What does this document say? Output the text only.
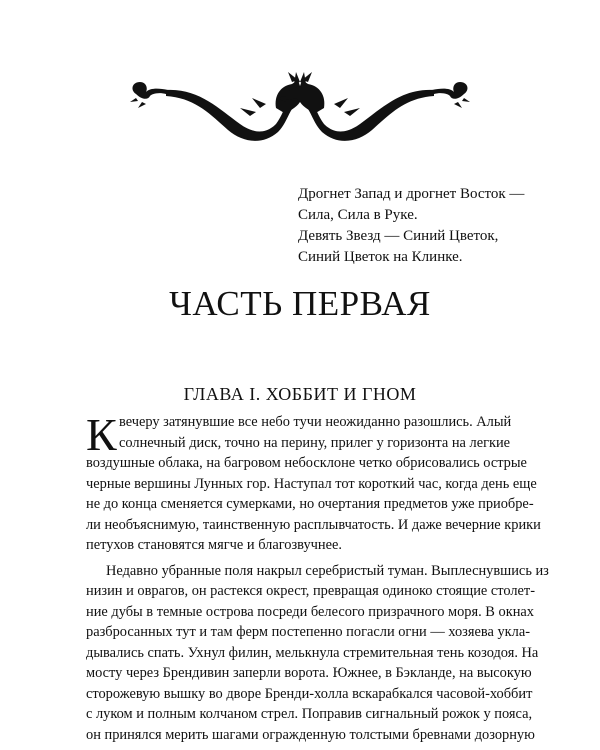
Дрогнет Запад и дрогнет Восток —
Сила, Сила в Руке.
Девять Звезд — Синий Цветок,
Синий Цветок на Клинке.
ЧАСТЬ ПЕРВАЯ
ГЛАВА I. ХОББИТ И ГНОМ
К вечеру затянувшие все небо тучи неожиданно разошлись. Алый
солнечный диск, точно на перину, прилег у горизонта на легкие
воздушные облака, на багровом небосклоне четко обрисовались острые
черные вершины Лунных гор. Наступал тот короткий час, когда день еще
не до конца сменяется сумерками, но очертания предметов уже приобре-
ли необъяснимую, таинственную расплывчатость. И даже вечерние крики
петухов становятся мягче и благозвучнее.
Недавно убранные поля накрыл серебристый туман. Выплеснувшись из
низин и оврагов, он растекся окрест, превращая одиноко стоящие столет-
ние дубы в темные острова посреди белесого призрачного моря. В окнах
разбросанных тут и там ферм постепенно погасли огни — хозяева укла-
дывались спать. Ухнул филин, мелькнула стремительная тень козодоя. На
мосту через Брендивин заперли ворота. Южнее, в Бэкланде, на высокую
сторожевую вышку во дворе Бренди-холла вскарабкался часовой-хоббит
с луком и полным колчаном стрел. Поправив сигнальный рожок у пояса,
он принялся мерить шагами огражденную толстыми бревнами дозорную
